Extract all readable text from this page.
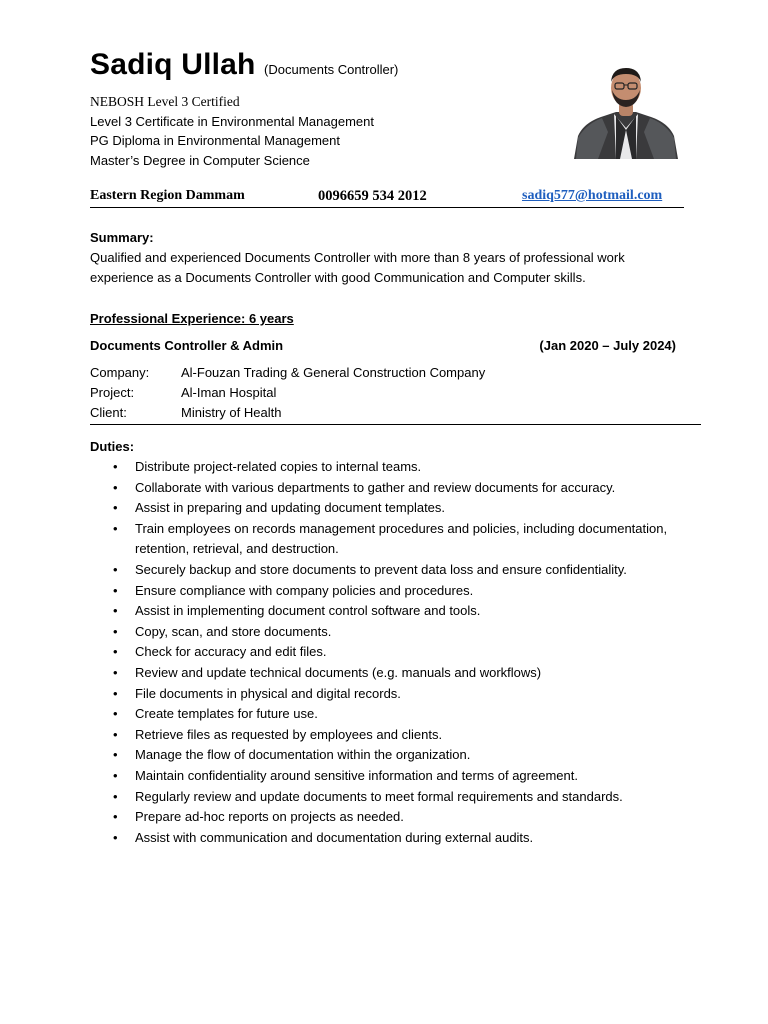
Sadiq Ullah (Documents Controller)
NEBOSH Level 3 Certified
Level 3 Certificate in Environmental Management
PG Diploma in Environmental Management
Master’s Degree in Computer Science
Eastern Region Dammam	0096659 534 2012	sadiq577@hotmail.com
Summary:
Qualified and experienced Documents Controller with more than 8 years of professional work experience as a Documents Controller with good Communication and Computer skills.
Professional Experience: 6 years
Documents Controller & Admin	(Jan 2020 – July 2024)
Company: Al-Fouzan Trading & General Construction Company
Project:	Al-Iman Hospital
Client:	Ministry of Health
Duties:
• Distribute project-related copies to internal teams.
• Collaborate with various departments to gather and review documents for accuracy.
• Assist in preparing and updating document templates.
• Train employees on records management procedures and policies, including documentation, retention, retrieval, and destruction.
• Securely backup and store documents to prevent data loss and ensure confidentiality.
• Ensure compliance with company policies and procedures.
• Assist in implementing document control software and tools.
• Copy, scan, and store documents.
• Check for accuracy and edit files.
• Review and update technical documents (e.g. manuals and workflows)
• File documents in physical and digital records.
• Create templates for future use.
• Retrieve files as requested by employees and clients.
• Manage the flow of documentation within the organization.
• Maintain confidentiality around sensitive information and terms of agreement.
• Regularly review and update documents to meet formal requirements and standards.
• Prepare ad-hoc reports on projects as needed.
• Assist with communication and documentation during external audits.
